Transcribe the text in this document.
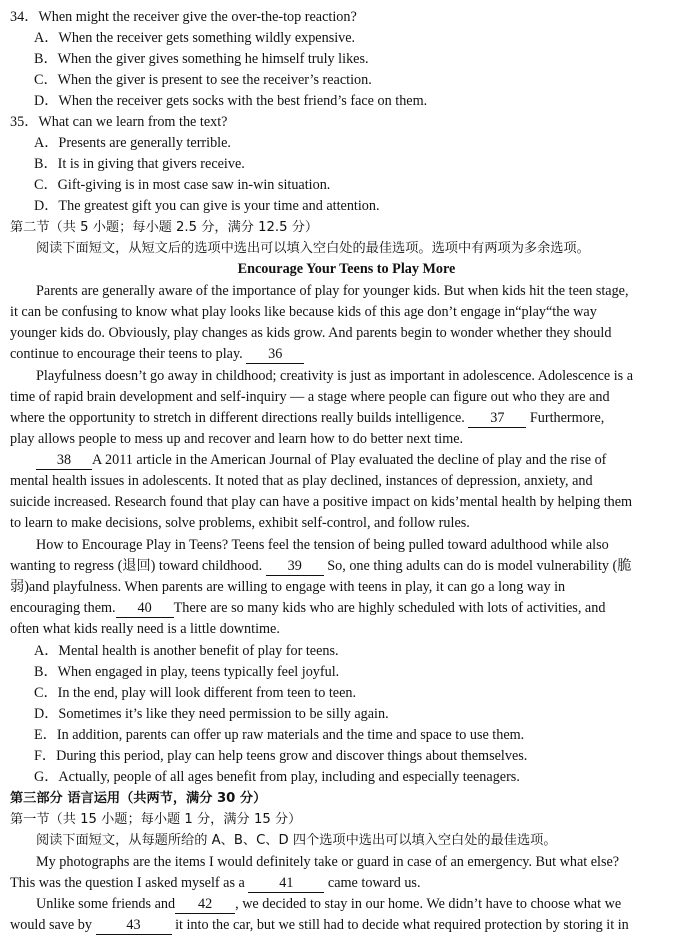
34．When might the receiver give the over-the-top reaction?
A．When the receiver gets something wildly expensive.
B．When the giver gives something he himself truly likes.
C．When the giver is present to see the receiver’s reaction.
D．When the receiver gets socks with the best friend’s face on them.
35．What can we learn from the text?
A．Presents are generally terrible.
B．It is in giving that givers receive.
C．Gift-giving is in most case saw in-win situation.
D．The greatest gift you can give is your time and attention.
第二节（共 5 小题；每小题 2.5 分，满分 12.5 分）
阅读下面短文，从短文后的选项中选出可以填入空白处的最佳选项。选项中有两项为多余选项。
Encourage Your Teens to Play More
Parents are generally aware of the importance of play for younger kids. But when kids hit the teen stage,
it can be confusing to know what play looks like because kids of this age don’t engage in“play“the way
younger kids do. Obviously, play changes as kids grow. And parents begin to wonder whether they should
continue to encourage their teens to play. 36
Playfulness doesn’t go away in childhood; creativity is just as important in adolescence. Adolescence is a
time of rapid brain development and self-inquiry — a stage where people can figure out who they are and
where the opportunity to stretch in different directions really builds intelligence. 37 Furthermore,
play allows people to mess up and recover and learn how to do better next time.
38 A 2011 article in the American Journal of Play evaluated the decline of play and the rise of
mental health issues in adolescents. It noted that as play declined, instances of depression, anxiety, and
suicide increased. Research found that play can have a positive impact on kids’mental health by helping them
to learn to make decisions, solve problems, exhibit self-control, and follow rules.
How to Encourage Play in Teens? Teens feel the tension of being pulled toward adulthood while also
wanting to regress (退回) toward childhood. 39 So, one thing adults can do is model vulnerability (脆
弱)and playfulness. When parents are willing to engage with teens in play, it can go a long way in
encouraging them. 40 There are so many kids who are highly scheduled with lots of activities, and
often what kids really need is a little downtime.
A．Mental health is another benefit of play for teens.
B．When engaged in play, teens typically feel joyful.
C．In the end, play will look different from teen to teen.
D．Sometimes it’s like they need permission to be silly again.
E．In addition, parents can offer up raw materials and the time and space to use them.
F．During this period, play can help teens grow and discover things about themselves.
G．Actually, people of all ages benefit from play, including and especially teenagers.
第三部分 语言运用（共两节，满分 30 分）
第一节（共 15 小题；每小题 1 分，满分 15 分）
阅读下面短文，从每题所给的 A、B、C、D 四个选项中选出可以填入空白处的最佳选项。
My photographs are the items I would definitely take or guard in case of an emergency. But what else?
This was the question I asked myself as a 41 came toward us.
Unlike some friends and 42 , we decided to stay in our home. We didn’t have to choose what we
would save by 43 it into the car, but we still had to decide what required protection by storing it in
